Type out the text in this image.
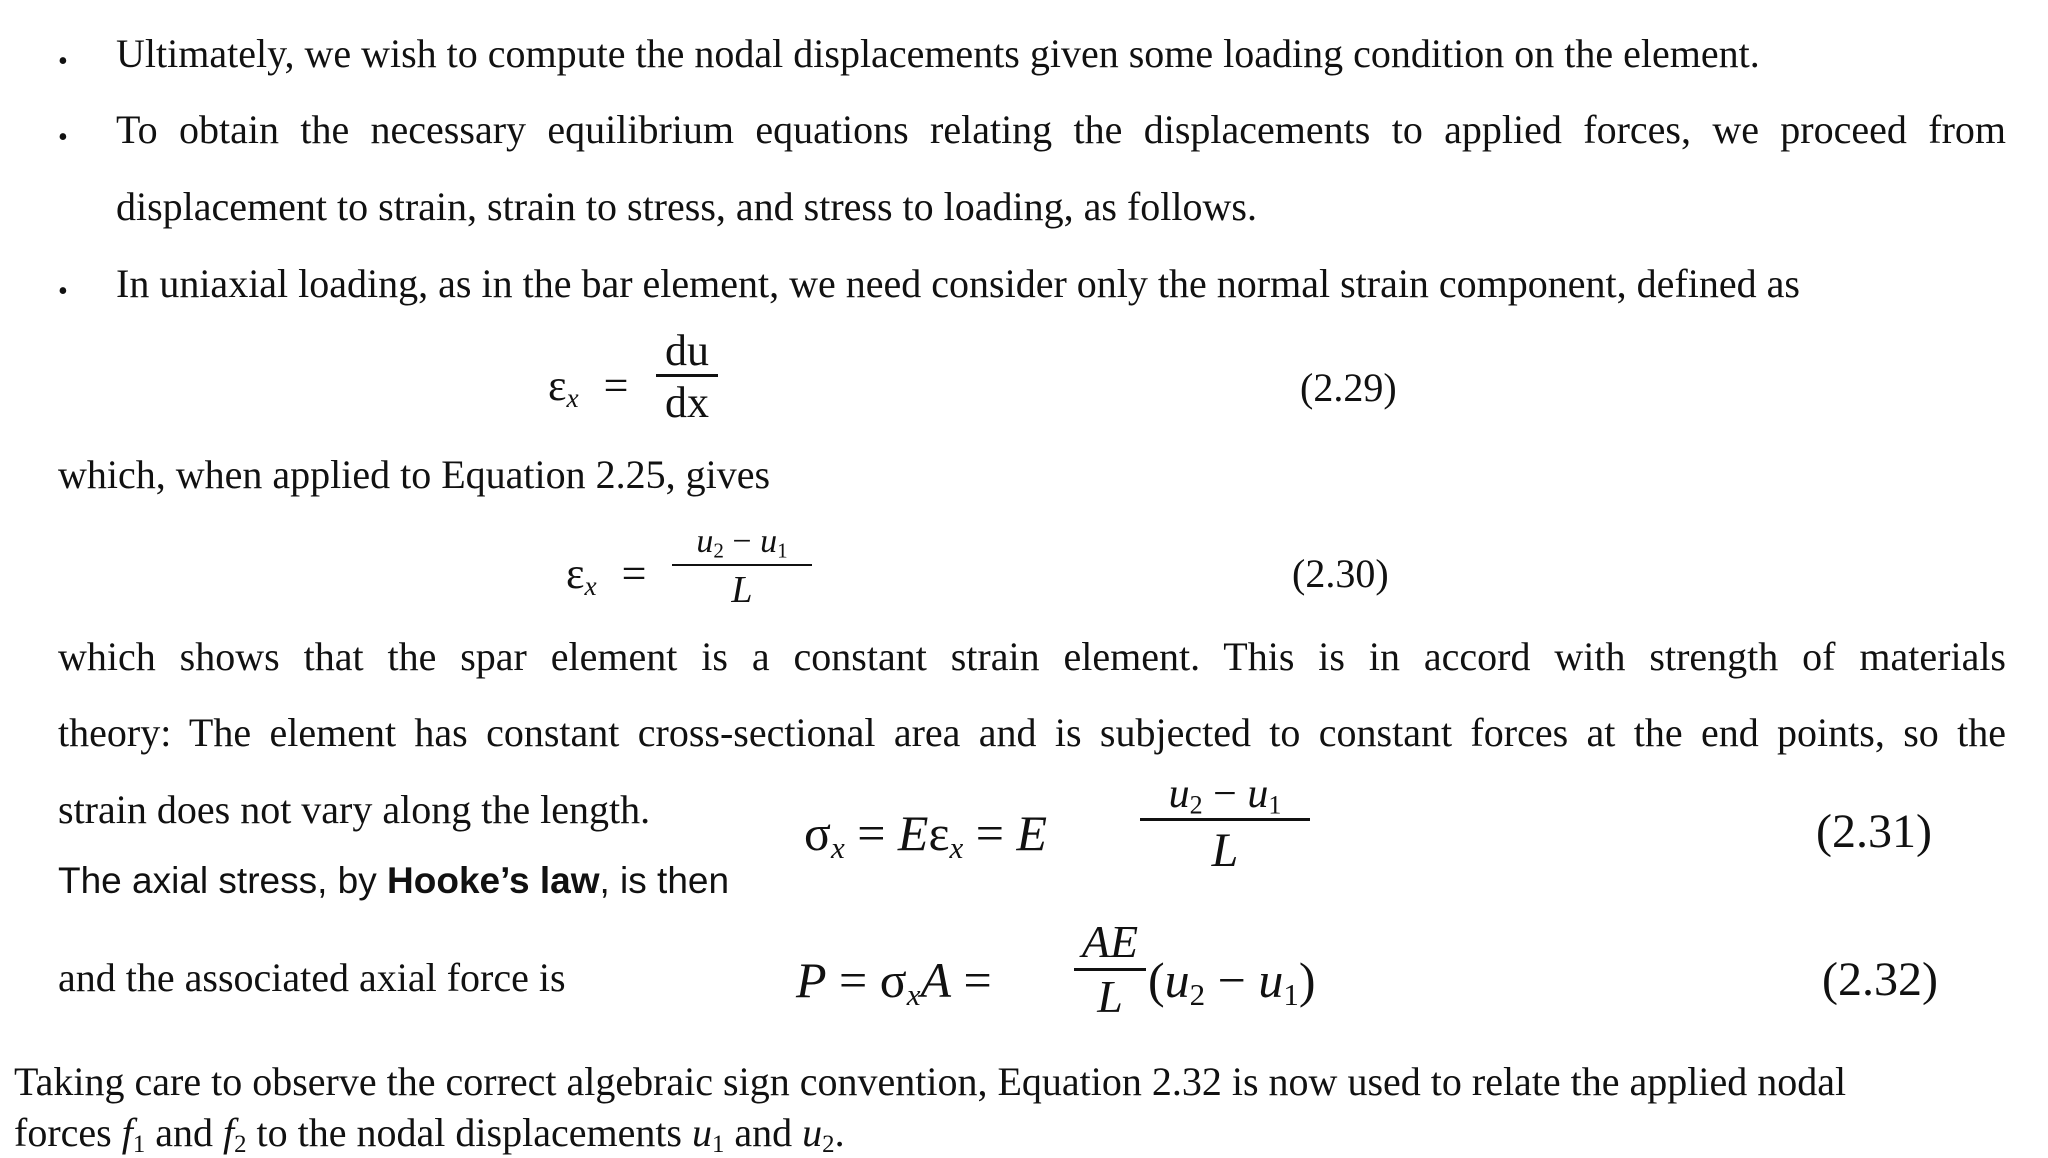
• Ultimately, we wish to compute the nodal displacements given some loading condition on the element.
• To obtain the necessary equilibrium equations relating the displacements to applied forces, we proceed from
displacement to strain, strain to stress, and stress to loading, as follows.
• In uniaxial loading, as in the bar element, we need consider only the normal strain component, defined as
$\varepsilon_x$ =
du
dx	(2.29)
which, when applied to Equation 2.25, gives
$\varepsilon_x$ =
$u_2 - u_1$
L	(2.30)
which shows that the spar element is a constant strain element. This is in accord with strength of materials
theory: The element has constant cross-sectional area and is subjected to constant forces at the end points, so the
strain does not vary along the length.
The axial stress, by Hooke’s law, is then
$\sigma_x = E\varepsilon_x = E$
$u_2 - u_1$
L	(2.31)
and the associated axial force is	$P = \sigma_xA$ =
AE
L $(u_2 - u_1)$	(2.32)
Taking care to observe the correct algebraic sign convention, Equation 2.32 is now used to relate the applied nodal
forces $f_1$ and $f_2$ to the nodal displacements $u_1$ and $u_2$.
